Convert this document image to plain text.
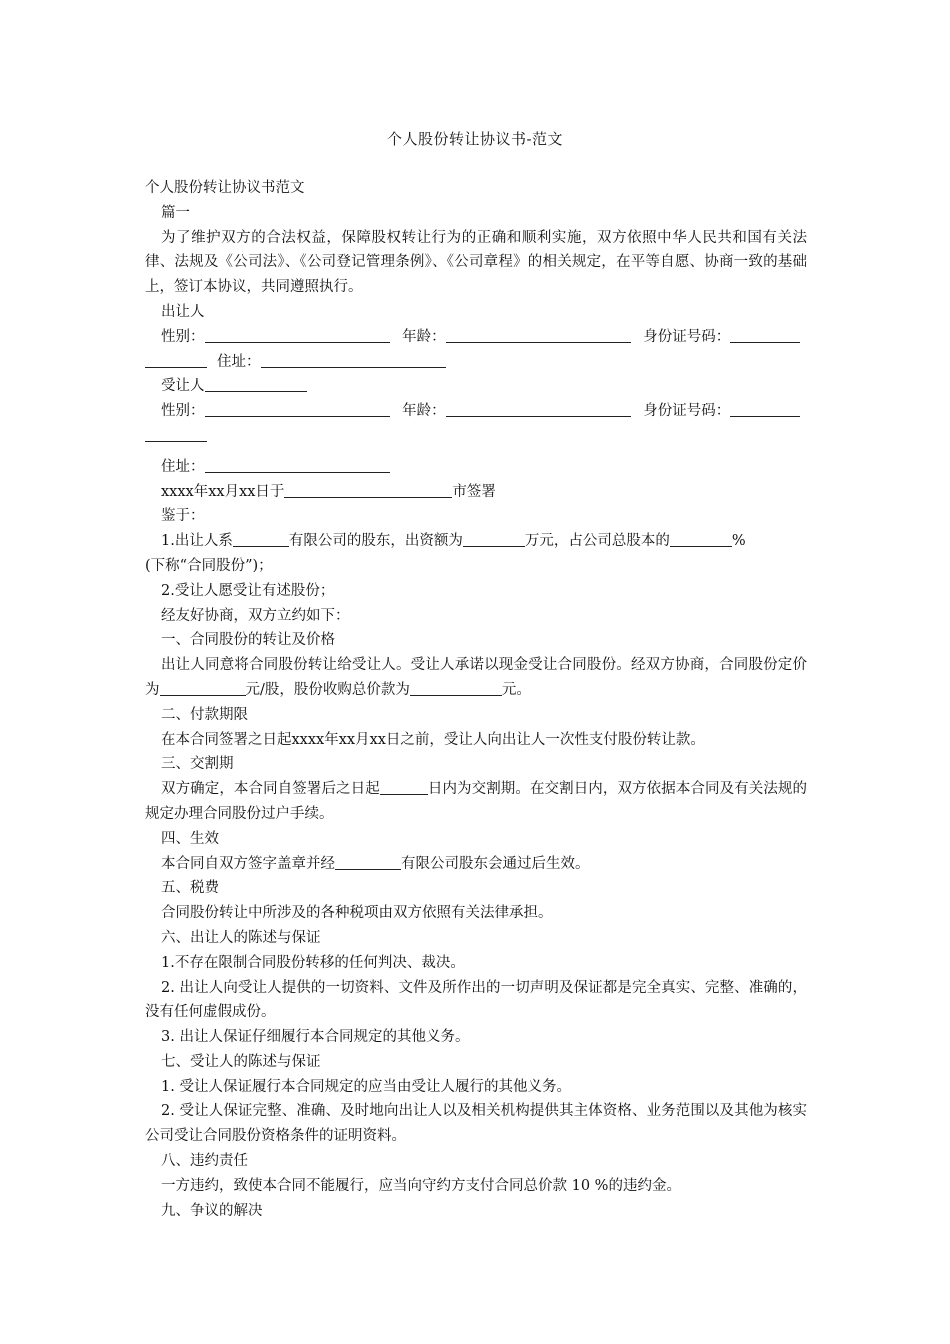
个人股份转让协议书-范文
个人股份转让协议书范文
篇一
为了维护双方的合法权益，保障股权转让行为的正确和顺利实施，双方依照中华人民共和国有关法律、法规及《公司法》、《公司登记管理条例》、《公司章程》的相关规定，在平等自愿、协商一致的基础上，签订本协议，共同遵照执行。
出让人
性别：	年龄：	身份证号码：
住址：
受让人
性别：	年龄：	身份证号码：
住址：
xxxx年xx月xx日于	市签署
鉴于：
1.出让人系	有限公司的股东，出资额为	万元，占公司总股本的	%
(下称“合同股份”)；
2.受让人愿受让有述股份；
经友好协商，双方立约如下：
一、合同股份的转让及价格
出让人同意将合同股份转让给受让人。受让人承诺以现金受让合同股份。经双方协商，合同股份定价为	元/股，股份收购总价款为	元。
二、付款期限
在本合同签署之日起xxxx年xx月xx日之前，受让人向出让人一次性支付股份转让款。
三、交割期
双方确定，本合同自签署后之日起	日内为交割期。在交割日内，双方依据本合同及有关法规的规定办理合同股份过户手续。
四、生效
本合同自双方签字盖章并经	有限公司股东会通过后生效。
五、税费
合同股份转让中所涉及的各种税项由双方依照有关法律承担。
六、出让人的陈述与保证
1.不存在限制合同股份转移的任何判决、裁决。
2. 出让人向受让人提供的一切资料、文件及所作出的一切声明及保证都是完全真实、完整、准确的，没有任何虚假成份。
3. 出让人保证仔细履行本合同规定的其他义务。
七、受让人的陈述与保证
1. 受让人保证履行本合同规定的应当由受让人履行的其他义务。
2. 受让人保证完整、准确、及时地向出让人以及相关机构提供其主体资格、业务范围以及其他为核实公司受让合同股份资格条件的证明资料。
八、违约责任
一方违约，致使本合同不能履行，应当向守约方支付合同总价款 10 %的违约金。
九、争议的解决
